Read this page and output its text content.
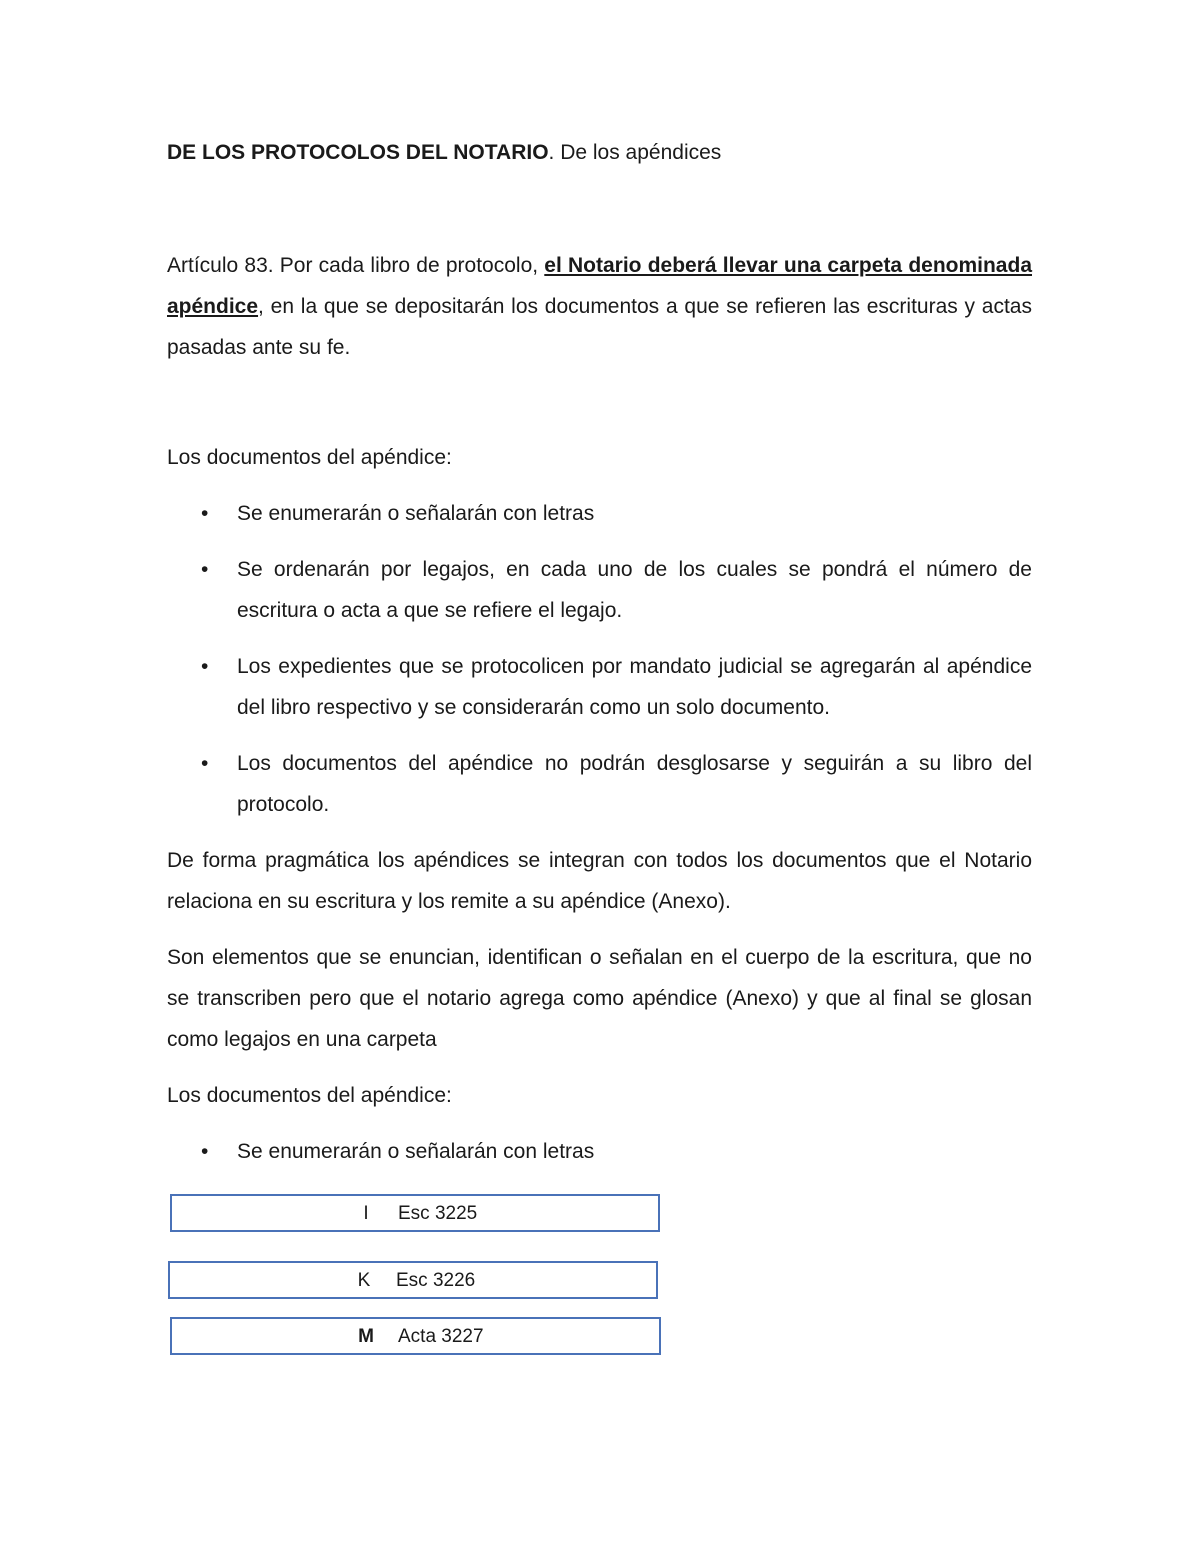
DE LOS PROTOCOLOS DEL NOTARIO. De los apéndices

Artículo 83. Por cada libro de protocolo, el Notario deberá llevar una carpeta denominada apéndice, en la que se depositarán los documentos a que se refieren las escrituras y actas pasadas ante su fe.

Los documentos del apéndice:

• Se enumerarán o señalarán con letras
• Se ordenarán por legajos, en cada uno de los cuales se pondrá el número de escritura o acta a que se refiere el legajo.
• Los expedientes que se protocolicen por mandato judicial se agregarán al apéndice del libro respectivo y se considerarán como un solo documento.
• Los documentos del apéndice no podrán desglosarse y seguirán a su libro del protocolo.

De forma pragmática los apéndices se integran con todos los documentos que el Notario relaciona en su escritura y los remite a su apéndice (Anexo).

Son elementos que se enuncian, identifican o señalan en el cuerpo de la escritura, que no se transcriben pero que el notario agrega como apéndice (Anexo) y que al final se glosan como legajos en una carpeta

Los documentos del apéndice:

• Se enumerarán o señalarán con letras
I	Esc 3225
K	Esc 3226
M	Acta 3227
